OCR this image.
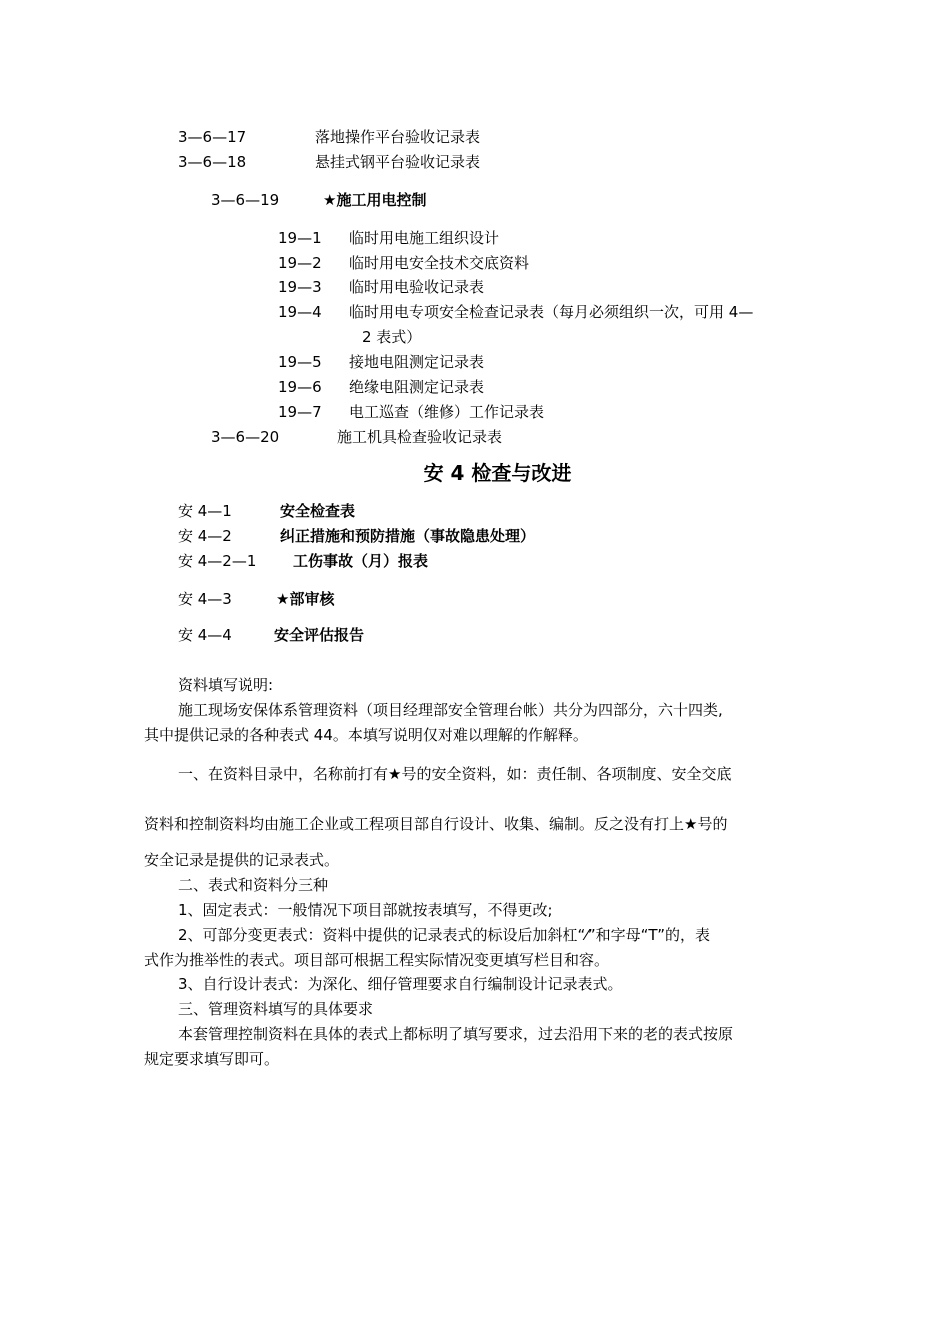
3—6—17	落地操作平台验收记录表
3—6—18	悬挂式钢平台验收记录表
3—6—19	★施工用电控制
19—1 临时用电施工组织设计
19—2 临时用电安全技术交底资料
19—3 临时用电验收记录表
19—4 临时用电专项安全检查记录表（每月必须组织一次，可用 4—
2 表式）
19—5 接地电阻测定记录表
19—6 绝缘电阻测定记录表
19—7 电工巡查（维修）工作记录表
3—6—20	施工机具检查验收记录表
安 4 检查与改进
安 4—1	安全检查表
安 4—2	纠正措施和预防措施（事故隐患处理）
安 4—2—1 工伤事故（月）报表
安 4—3	★部审核
安 4—4	安全评估报告
资料填写说明:
施工现场安保体系管理资料（项目经理部安全管理台帐）共分为四部分，六十四类,
其中提供记录的各种表式 44。本填写说明仅对难以理解的作解释。
一、在资料目录中，名称前打有★号的安全资料，如：责任制、各项制度、安全交底
资料和控制资料均由施工企业或工程项目部自行设计、收集、编制。反之没有打上★号的
安全记录是提供的记录表式。
二、表式和资料分三种
1、固定表式：一般情况下项目部就按表填写，不得更改;
2、可部分变更表式：资料中提供的记录表式的标设后加斜杠“⁄”和字母“T”的，表
式作为推举性的表式。项目部可根据工程实际情况变更填写栏目和容。
3、自行设计表式：为深化、细仔管理要求自行编制设计记录表式。
三、管理资料填写的具体要求
本套管理控制资料在具体的表式上都标明了填写要求，过去沿用下来的老的表式按原
规定要求填写即可。
